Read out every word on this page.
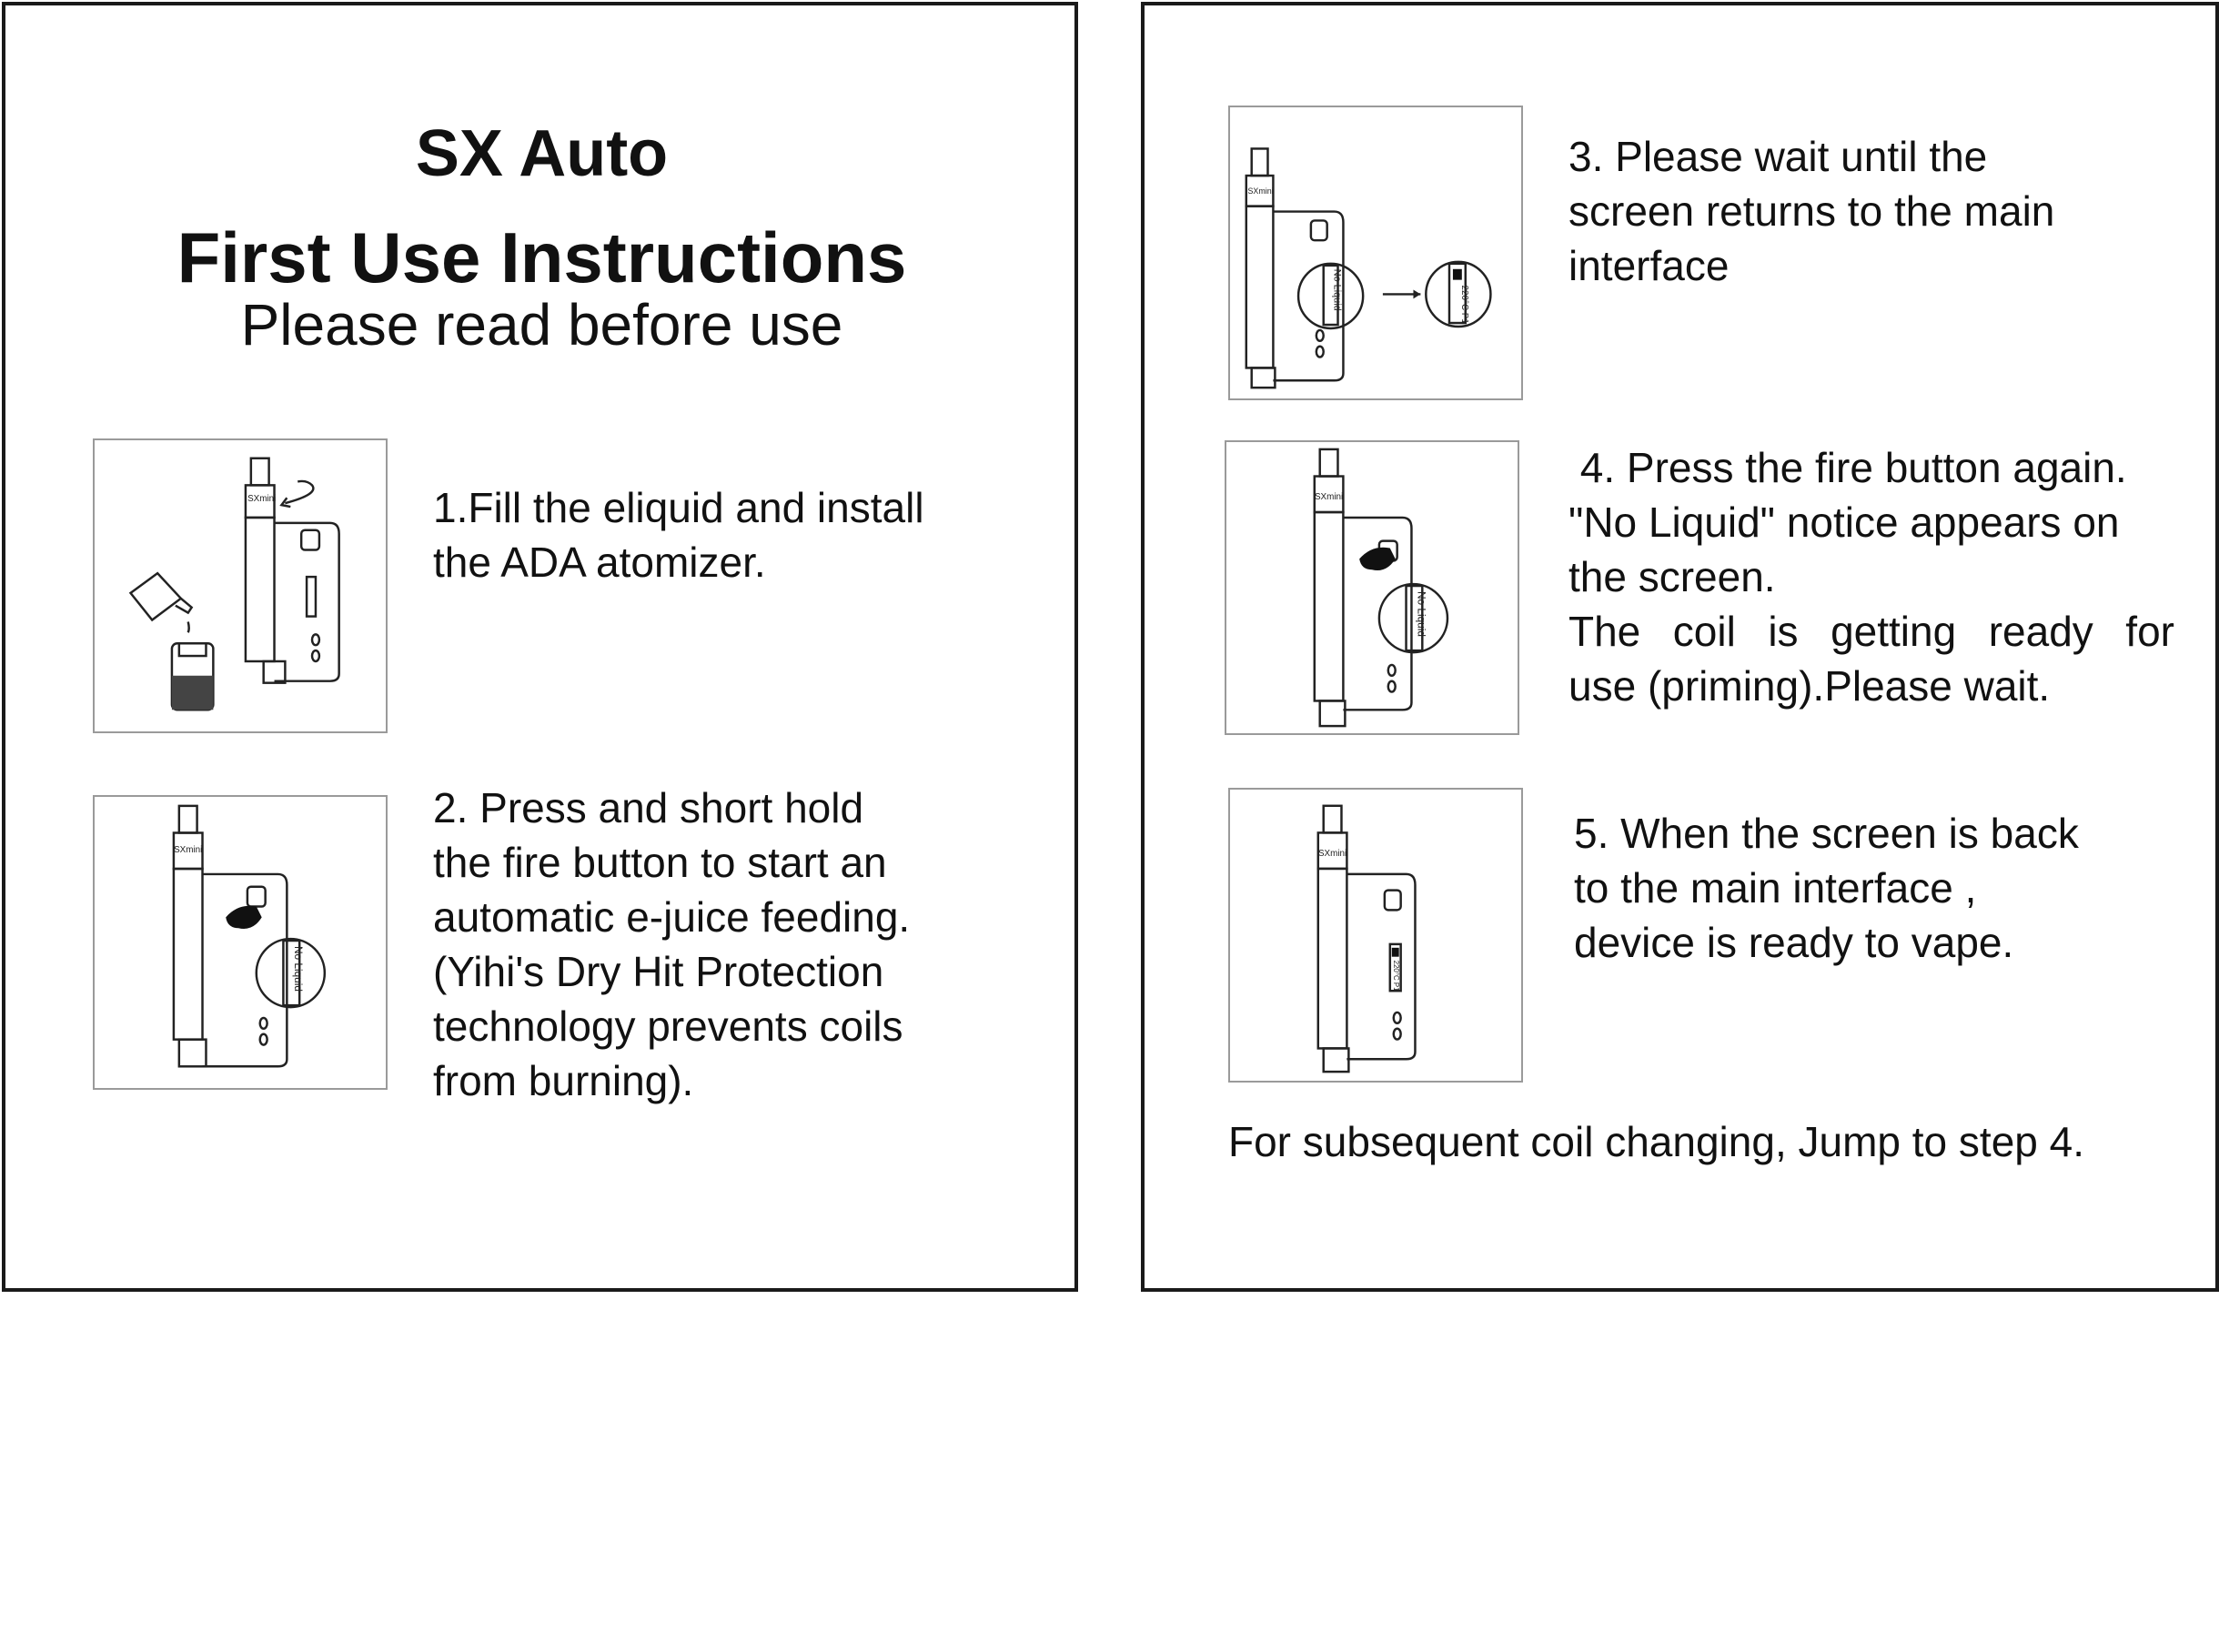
SX Auto
First Use Instructions
Please read before use
SXmini	1.Fill the eliquid and install
the ADA atomizer.
SXmini
No Liquid
2. Press and short hold
the fire button to start an
automatic e-juice feeding.
(Yihi's Dry Hit Protection
technology prevents coils
from burning).
SXmini
No Liquid	220°C P1
3. Please wait until the
screen returns to the main
interface
SXmini
No Liquid
4. Press the fire button again.
"No Liquid" notice appears on
the screen.
The coil is getting ready for
use (priming).Please wait.
SXmini
220°C P1
5. When the screen is back
to the main interface ,
device is ready to vape.
For subsequent coil changing, Jump to step 4.
